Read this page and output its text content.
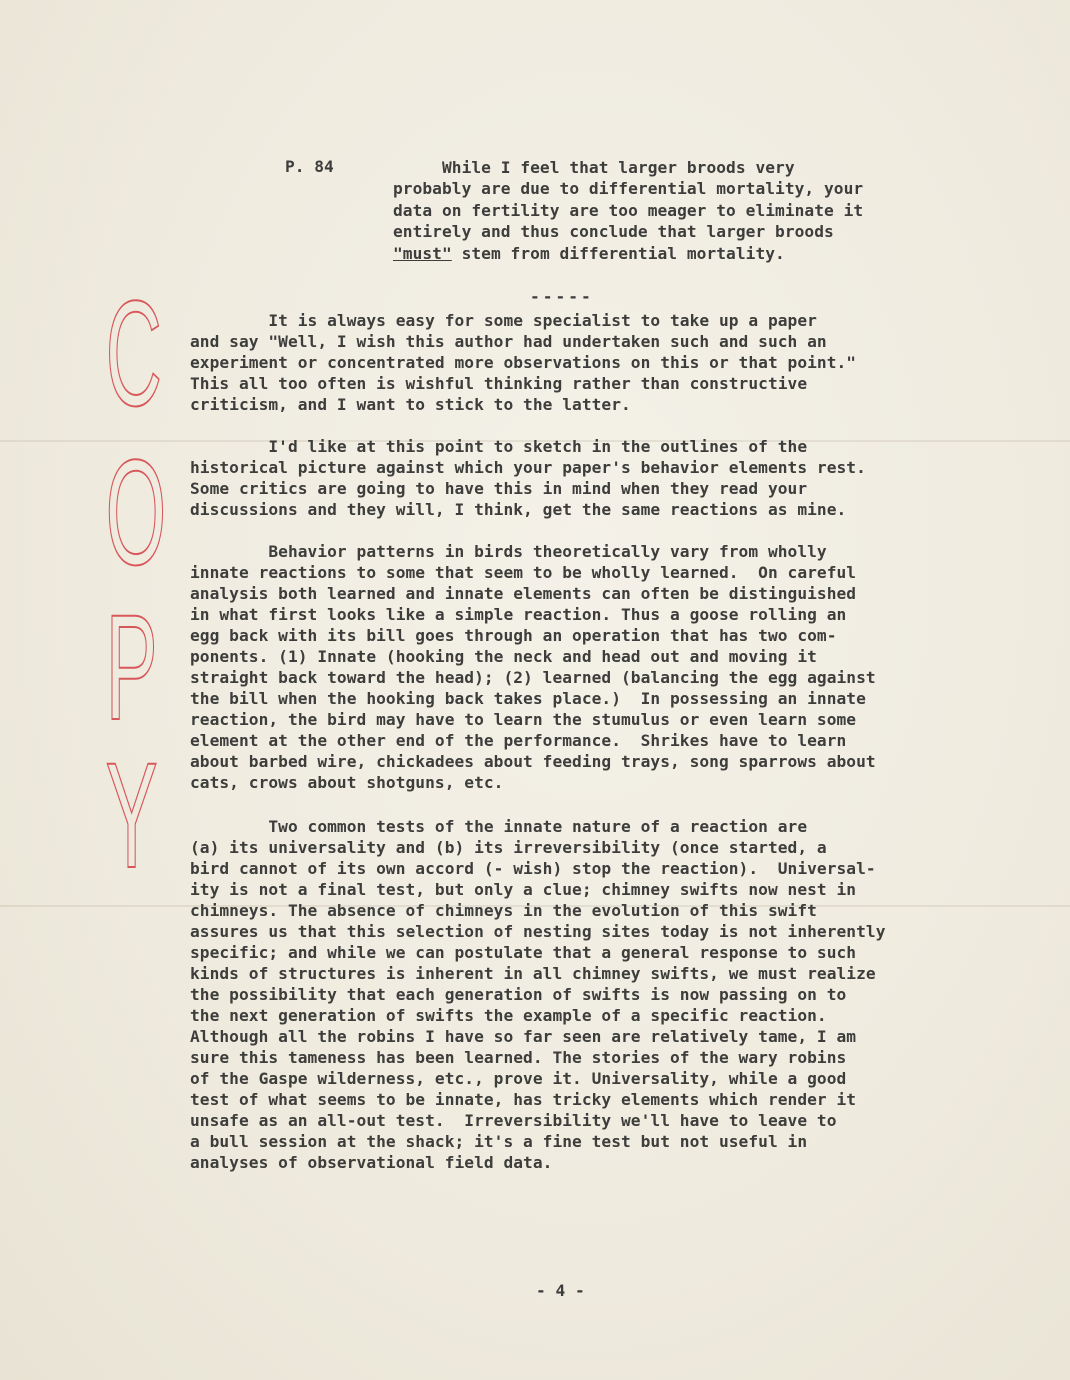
C
O
P
Y
P. 84	While I feel that larger broods very
probably are due to differential mortality, your
data on fertility are too meager to eliminate it
entirely and thus conclude that larger broods
"must" stem from differential mortality.
-----
It is always easy for some specialist to take up a paper
and say "Well, I wish this author had undertaken such and such an
experiment or concentrated more observations on this or that point."
This all too often is wishful thinking rather than constructive
criticism, and I want to stick to the latter.
I'd like at this point to sketch in the outlines of the
historical picture against which your paper's behavior elements rest.
Some critics are going to have this in mind when they read your
discussions and they will, I think, get the same reactions as mine.
Behavior patterns in birds theoretically vary from wholly
innate reactions to some that seem to be wholly learned.  On careful
analysis both learned and innate elements can often be distinguished
in what first looks like a simple reaction. Thus a goose rolling an
egg back with its bill goes through an operation that has two com-
ponents. (1) Innate (hooking the neck and head out and moving it
straight back toward the head); (2) learned (balancing the egg against
the bill when the hooking back takes place.)  In possessing an innate
reaction, the bird may have to learn the stumulus or even learn some
element at the other end of the performance.  Shrikes have to learn
about barbed wire, chickadees about feeding trays, song sparrows about
cats, crows about shotguns, etc.
Two common tests of the innate nature of a reaction are
(a) its universality and (b) its irreversibility (once started, a
bird cannot of its own accord (- wish) stop the reaction).  Universal-
ity is not a final test, but only a clue; chimney swifts now nest in
chimneys. The absence of chimneys in the evolution of this swift
assures us that this selection of nesting sites today is not inherently
specific; and while we can postulate that a general response to such
kinds of structures is inherent in all chimney swifts, we must realize
the possibility that each generation of swifts is now passing on to
the next generation of swifts the example of a specific reaction.
Although all the robins I have so far seen are relatively tame, I am
sure this tameness has been learned. The stories of the wary robins
of the Gaspe wilderness, etc., prove it. Universality, while a good
test of what seems to be innate, has tricky elements which render it
unsafe as an all-out test.  Irreversibility we'll have to leave to
a bull session at the shack; it's a fine test but not useful in
analyses of observational field data.
- 4 -
